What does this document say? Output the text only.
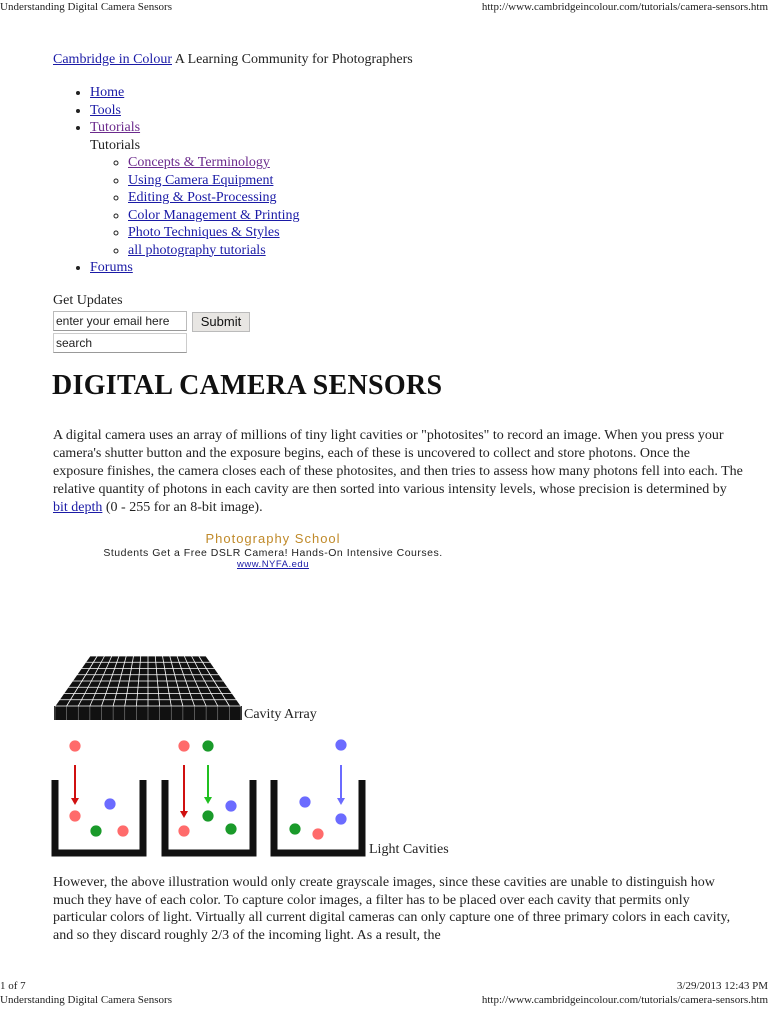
Understanding Digital Camera Sensors	http://www.cambridgeincolour.com/tutorials/camera-sensors.htm
Cambridge in Colour A Learning Community for Photographers
• Home
• Tools
• Tutorials
Tutorials
◦ Concepts & Terminology
◦ Using Camera Equipment
◦ Editing & Post-Processing
◦ Color Management & Printing
◦ Photo Techniques & Styles
◦ all photography tutorials
• Forums
Get Updates
enter your email here	Submit
search
DIGITAL CAMERA SENSORS

A digital camera uses an array of millions of tiny light cavities or "photosites" to record an image. When you press your camera's shutter button and the exposure begins, each of these is uncovered to collect and store photons. Once the exposure finishes, the camera closes each of these photosites, and then tries to assess how many photons fell into each. The relative quantity of photons in each cavity are then sorted into various intensity levels, whose precision is determined by bit depth (0 - 255 for an 8-bit image).

Photography School
Students Get a Free DSLR Camera! Hands-On Intensive Courses.
www.NYFA.edu
Cavity Array
Light Cavities

However, the above illustration would only create grayscale images, since these cavities are unable to distinguish how much they have of each color. To capture color images, a filter has to be placed over each cavity that permits only particular colors of light. Virtually all current digital cameras can only capture one of three primary colors in each cavity, and so they discard roughly 2/3 of the incoming light. As a result, the

1 of 7	3/29/2013 12:43 PM
Understanding Digital Camera Sensors	http://www.cambridgeincolour.com/tutorials/camera-sensors.htm
